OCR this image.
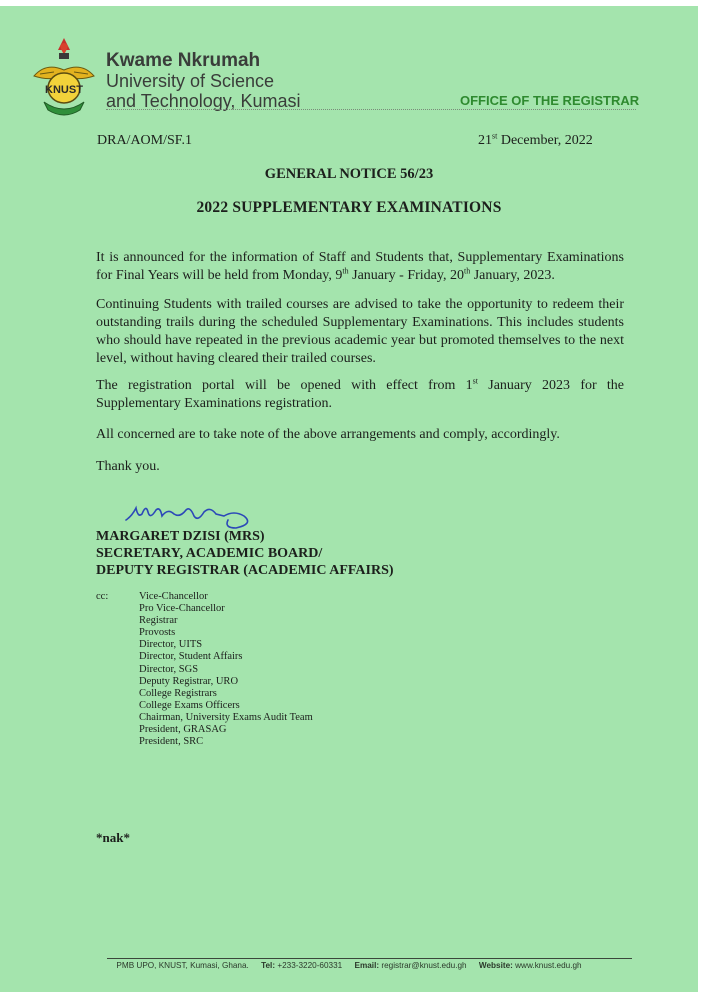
KNUST
Kwame Nkrumah
University of Science
and Technology, Kumasi	OFFICE OF THE REGISTRAR
DRA/AOM/SF.1	21st December, 2022
GENERAL NOTICE 56/23
2022 SUPPLEMENTARY EXAMINATIONS
It is announced for the information of Staff and Students that, Supplementary Examinations for Final Years will be held from Monday, 9th January - Friday, 20th January, 2023.
Continuing Students with trailed courses are advised to take the opportunity to redeem their outstanding trails during the scheduled Supplementary Examinations. This includes students who should have repeated in the previous academic year but promoted themselves to the next level, without having cleared their trailed courses.
The registration portal will be opened with effect from 1st January 2023 for the Supplementary Examinations registration.
All concerned are to take note of the above arrangements and comply, accordingly.
Thank you.
MARGARET DZISI (MRS)
SECRETARY, ACADEMIC BOARD/
DEPUTY REGISTRAR (ACADEMIC AFFAIRS)
cc:	Vice-Chancellor
Pro Vice-Chancellor
Registrar
Provosts
Director, UITS
Director, Student Affairs
Director, SGS
Deputy Registrar, URO
College Registrars
College Exams Officers
Chairman, University Exams Audit Team
President, GRASAG
President, SRC
*nak*
PMB UPO, KNUST, Kumasi, Ghana. Tel: +233-3220-60331 Email: registrar@knust.edu.gh Website: www.knust.edu.gh
